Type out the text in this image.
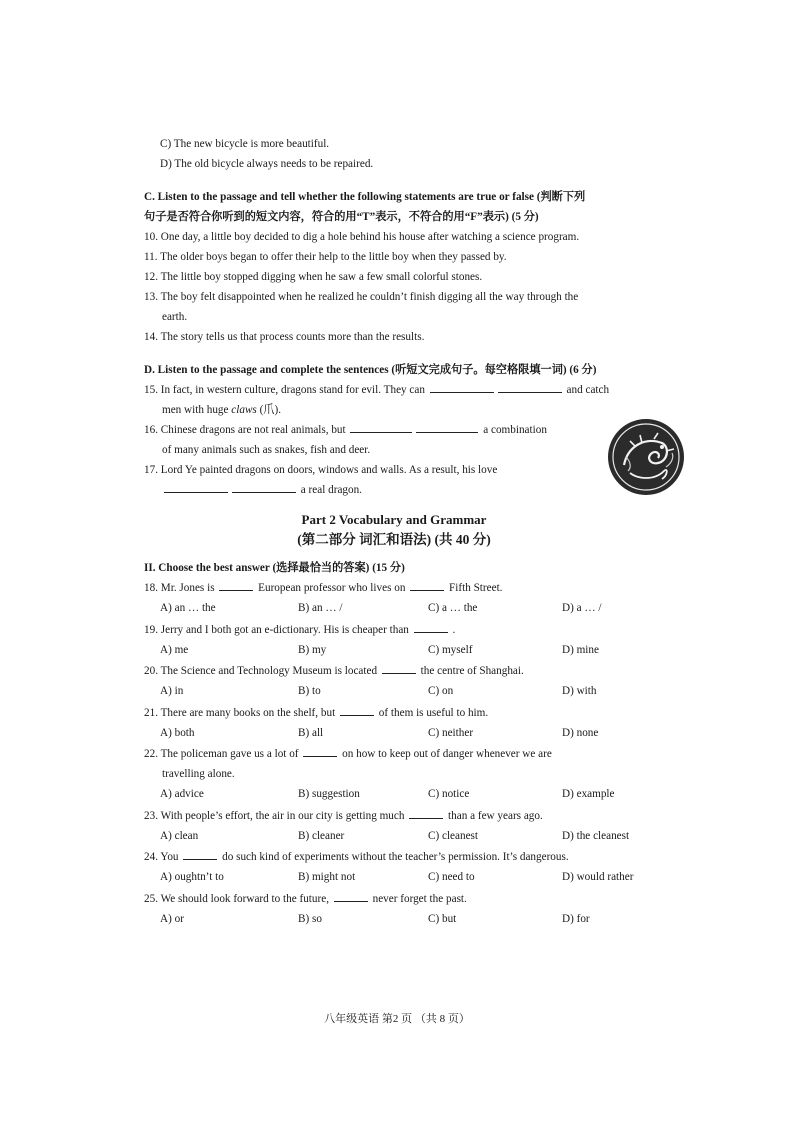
C) The new bicycle is more beautiful.
D) The old bicycle always needs to be repaired.
C. Listen to the passage and tell whether the following statements are true or false (判断下列
句子是否符合你听到的短文内容，符合的用“T”表示，不符合的用“F”表示) (5 分)
10. One day, a little boy decided to dig a hole behind his house after watching a science program.
11. The older boys began to offer their help to the little boy when they passed by.
12. The little boy stopped digging when he saw a few small colorful stones.
13. The boy felt disappointed when he realized he couldn’t finish digging all the way through the
earth.
14. The story tells us that process counts more than the results.
D. Listen to the passage and complete the sentences (听短文完成句子。每空格限填一词) (6 分)
15. In fact, in western culture, dragons stand for evil. They can	and catch
men with huge claws (爪).
16. Chinese dragons are not real animals, but	a combination
of many animals such as snakes, fish and deer.
17. Lord Ye painted dragons on doors, windows and walls. As a result, his love
a real dragon.
Part 2 Vocabulary and Grammar
(第二部分 词汇和语法) (共 40 分)
II. Choose the best answer (选择最恰当的答案) (15 分)
18. Mr. Jones is	European professor who lives on	Fifth Street.
A) an … the	B) an … /	C) a … the	D) a … /
19. Jerry and I both got an e-dictionary. His is cheaper than	.
A) me	B) my	C) myself	D) mine
20. The Science and Technology Museum is located	the centre of Shanghai.
A) in	B) to	C) on	D) with
21. There are many books on the shelf, but	of them is useful to him.
A) both	B) all	C) neither	D) none
22. The policeman gave us a lot of	on how to keep out of danger whenever we are
travelling alone.
A) advice	B) suggestion	C) notice	D) example
23. With people’s effort, the air in our city is getting much	than a few years ago.
A) clean	B) cleaner	C) cleanest	D) the cleanest
24. You	do such kind of experiments without the teacher’s permission. It’s dangerous.
A) oughtn’t to	B) might not	C) need to	D) would rather
25. We should look forward to the future,	never forget the past.
A) or	B) so	C) but	D) for
八年级英语 第2 页 （共 8 页）
